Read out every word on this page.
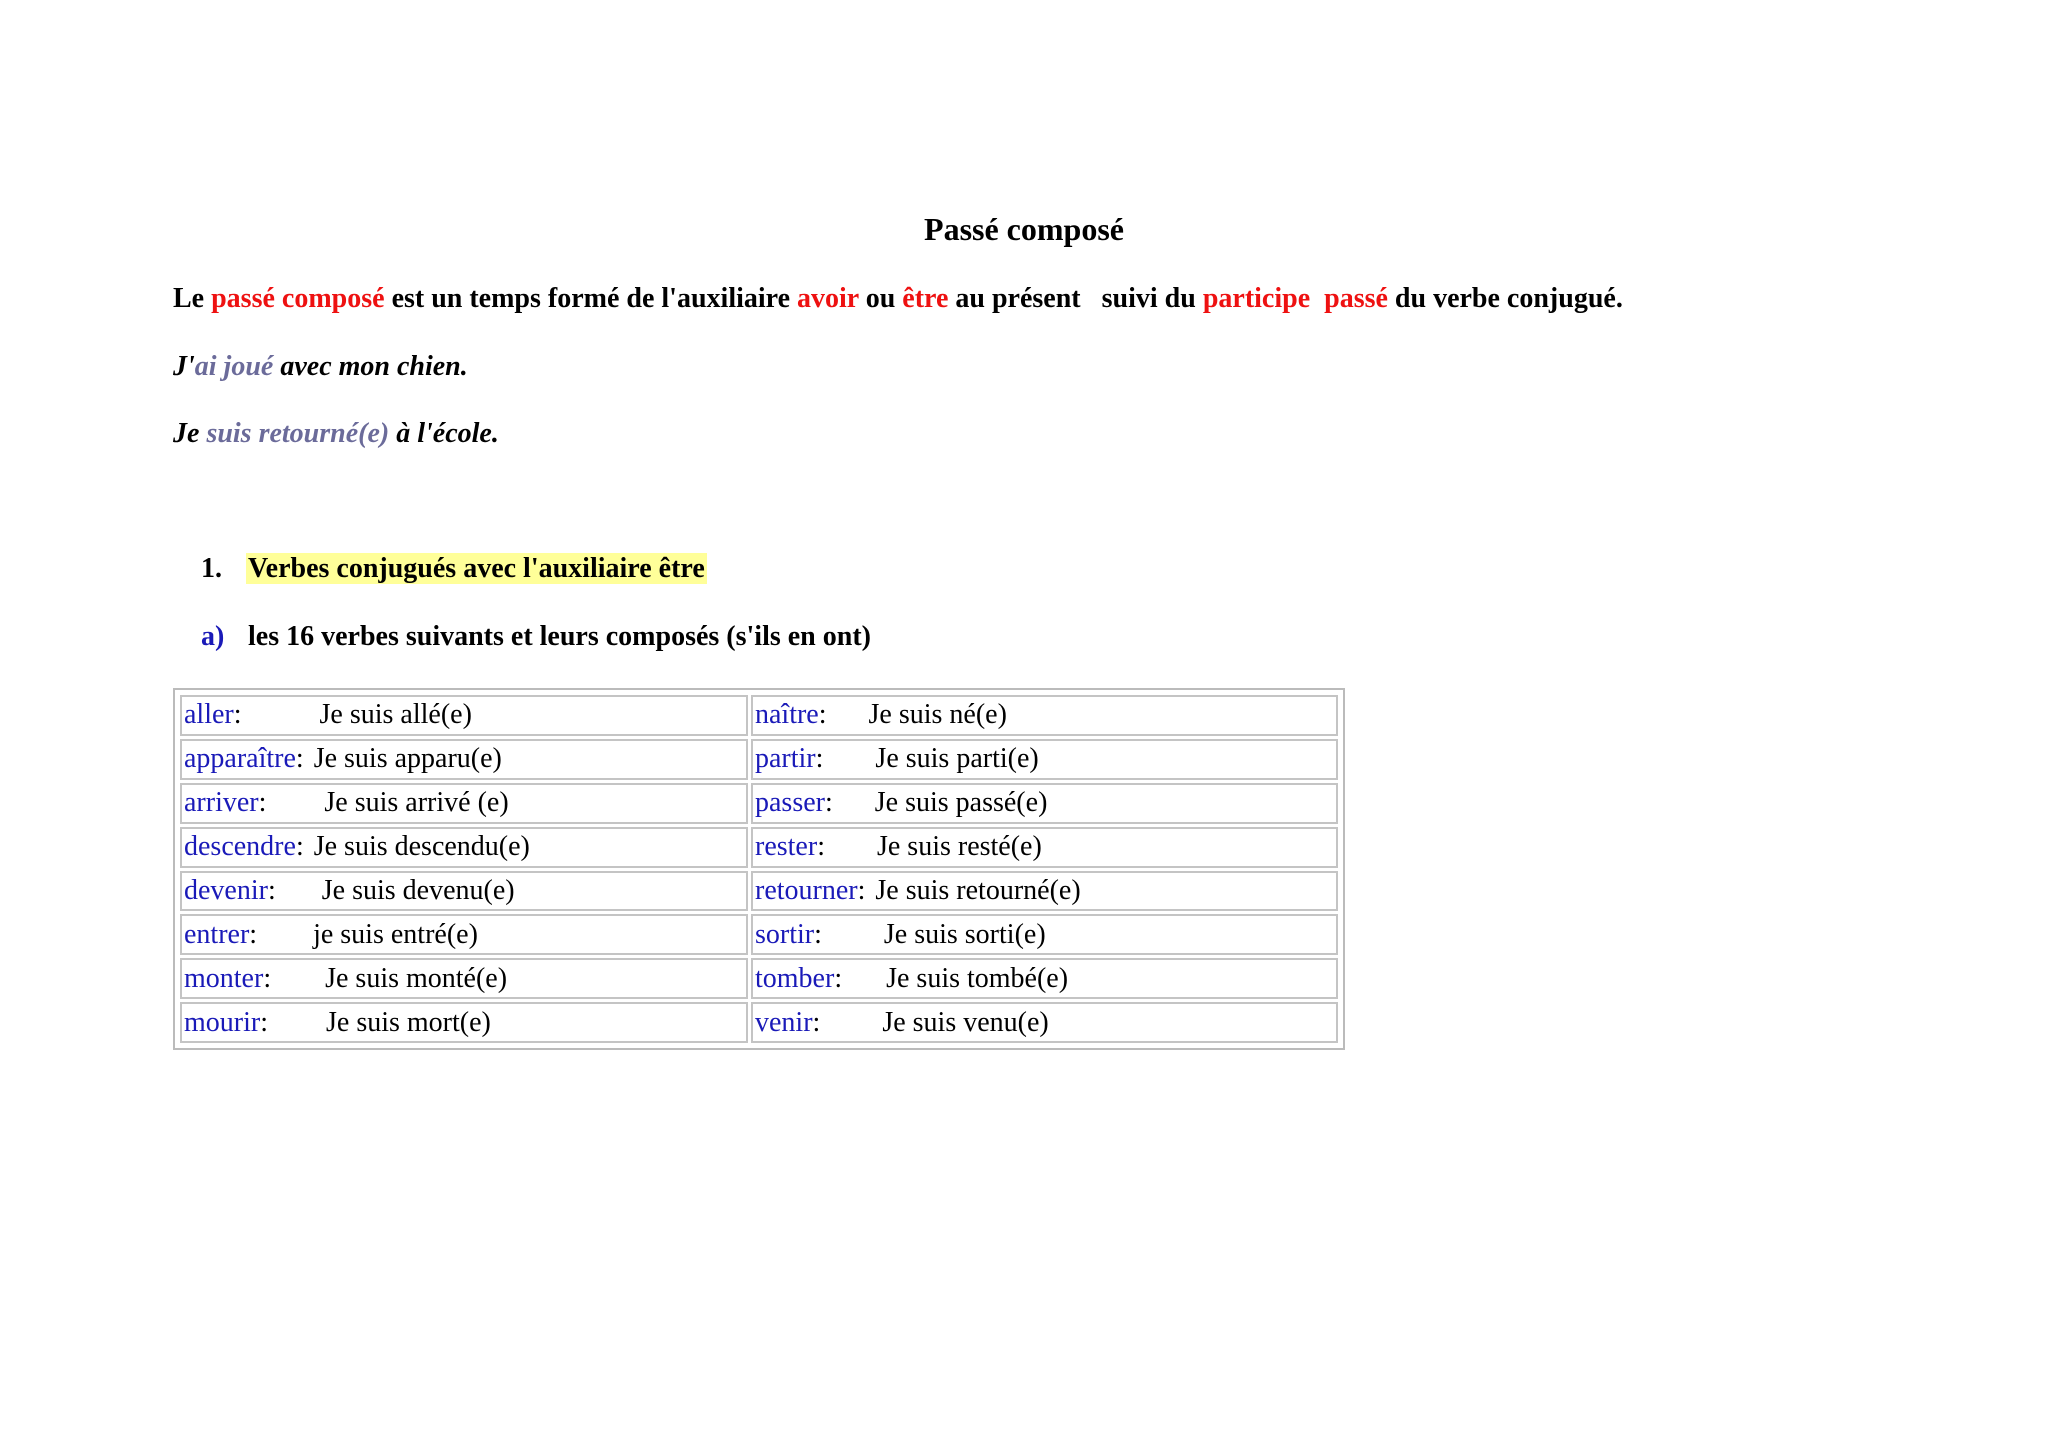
Passé composé
Le passé composé est un temps formé de l'auxiliaire avoir ou être au présent   suivi du participe  passé du verbe conjugué.
J'ai joué avec mon chien.
Je suis retourné(e) à l'école.
1. Verbes conjugués avec l'auxiliaire être
a) les 16 verbes suivants et leurs composés (s'ils en ont)
aller: Je suis allé(e)	naître: Je suis né(e)
apparaître: Je suis apparu(e)	partir: Je suis parti(e)
arriver: Je suis arrivé (e)	passer: Je suis passé(e)
descendre: Je suis descendu(e)	rester: Je suis resté(e)
devenir: Je suis devenu(e)	retourner: Je suis retourné(e)
entrer: je suis entré(e)	sortir: Je suis sorti(e)
monter: Je suis monté(e)	tomber: Je suis tombé(e)
mourir: Je suis mort(e)	venir: Je suis venu(e)
